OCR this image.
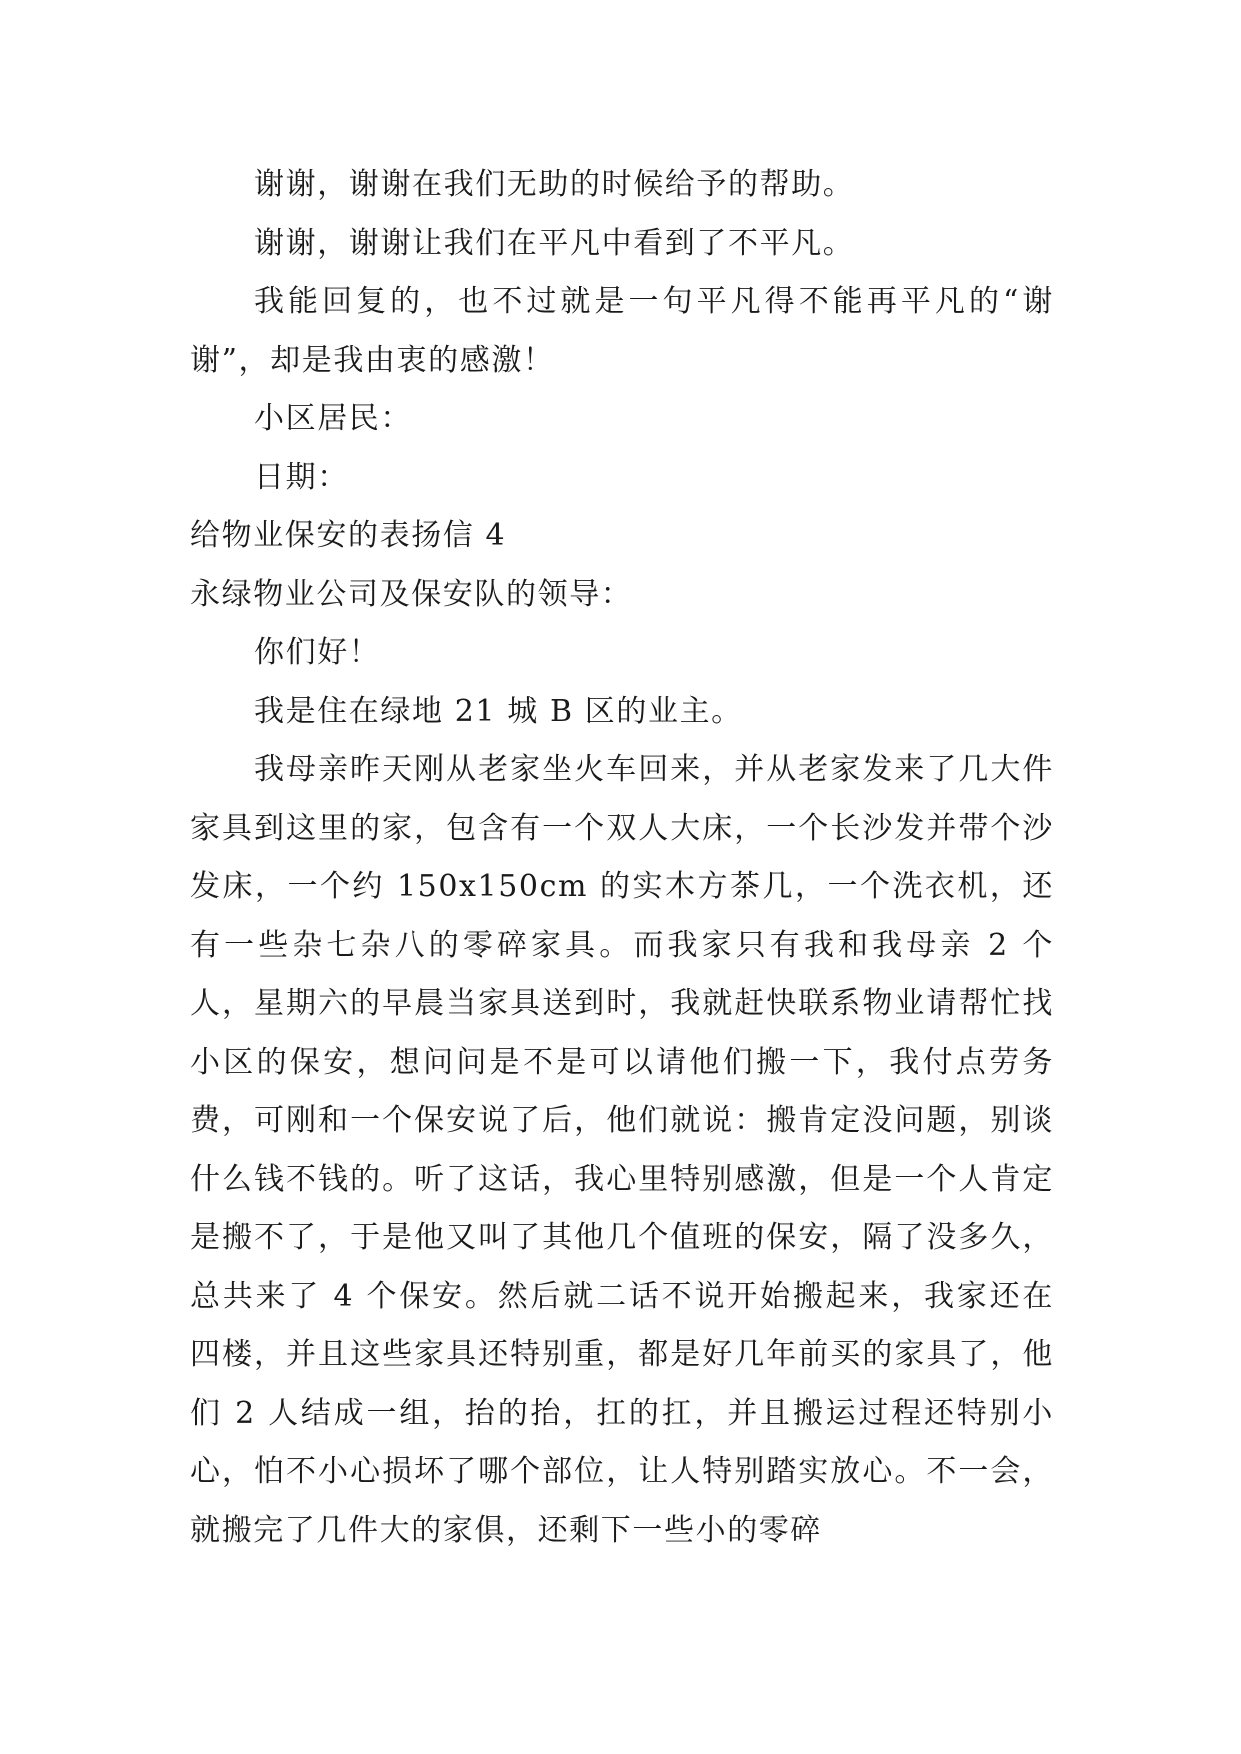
谢谢，谢谢在我们无助的时候给予的帮助。

谢谢，谢谢让我们在平凡中看到了不平凡。

我能回复的，也不过就是一句平凡得不能再平凡的“谢谢”，却是我由衷的感激！

小区居民：

日期：

给物业保安的表扬信 4

永绿物业公司及保安队的领导：

你们好！

我是住在绿地 21 城 B 区的业主。

我母亲昨天刚从老家坐火车回来，并从老家发来了几大件家具到这里的家，包含有一个双人大床，一个长沙发并带个沙发床，一个约 150x150cm 的实木方茶几，一个洗衣机，还有一些杂七杂八的零碎家具。而我家只有我和我母亲 2 个人，星期六的早晨当家具送到时，我就赶快联系物业请帮忙找小区的保安，想问问是不是可以请他们搬一下，我付点劳务费，可刚和一个保安说了后，他们就说：搬肯定没问题，别谈什么钱不钱的。听了这话，我心里特别感激，但是一个人肯定是搬不了，于是他又叫了其他几个值班的保安，隔了没多久，总共来了 4 个保安。然后就二话不说开始搬起来，我家还在四楼，并且这些家具还特别重，都是好几年前买的家具了，他们 2 人结成一组，抬的抬，扛的扛，并且搬运过程还特别小心，怕不小心损坏了哪个部位，让人特别踏实放心。不一会，就搬完了几件大的家俱，还剩下一些小的零碎
